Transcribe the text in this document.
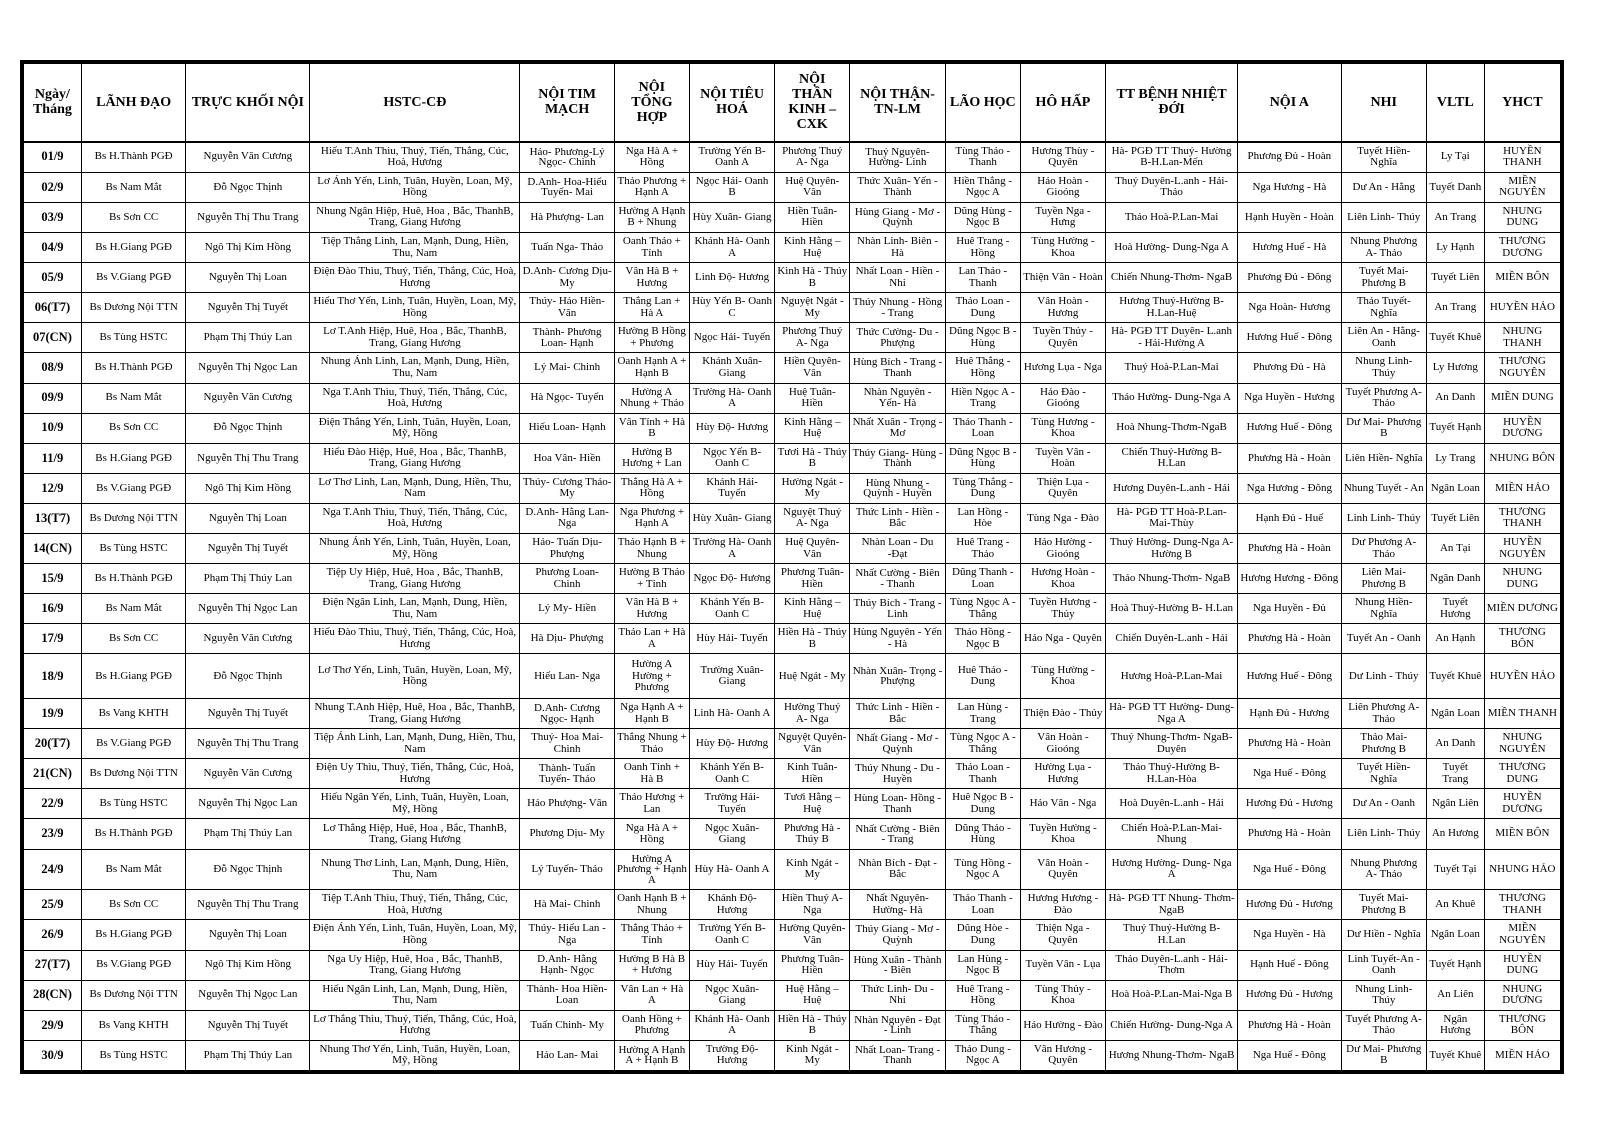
Ngày/ Tháng	LÃNH ĐẠO	TRỰC KHỐI NỘI	HSTC-CĐ	NỘI TIM MẠCH	NỘI TỔNG HỢP	NỘI TIÊU HOÁ	NỘI THẦN KINH – CXK	NỘI THẬN- TN-LM	LÃO HỌC	HÔ HẤP	TT BỆNH NHIỆT ĐỚI	NỘI A	NHI	VLTL	YHCT
01/9	Bs H.Thành PGĐ	Nguyễn Văn Cương	Hiếu T.Anh Thìu, Thuý, Tiến, Thắng, Cúc, Hoà, Hương	Hảo- Phương-Lý Ngọc- Chinh	Nga Hà A + Hồng	Trường Yến B- Oanh A	Phương Thuý A- Nga	Thuý Nguyên- Hường- Linh	Tùng Thảo - Thanh	Hương Thùy - Quyên	Hà- PGĐ TT Thuý- Hường B-H.Lan-Mến	Phương Đủ - Hoàn	Tuyết Hiền- Nghĩa	Ly Tại	HUYỀN THANH
02/9	Bs Nam Mắt	Đỗ Ngọc Thịnh	Lơ Ánh Yến, Linh, Tuân, Huyền, Loan, Mỹ, Hồng	D.Anh- Hoa-Hiếu Tuyến- Mai	Thảo Phương + Hạnh A	Ngọc Hải- Oanh B	Huệ Quyên- Vân	Thức Xuân- Yến - Thành	Hiền Thắng - Ngọc A	Hảo Hoàn - Gioóng	Thuý Duyên-L.anh - Hải- Thảo	Nga Hương - Hà	Dư An - Hằng	Tuyết Danh	MIỀN NGUYÊN
03/9	Bs Sơn CC	Nguyễn Thị Thu Trang	Nhung Ngân Hiệp, Huê, Hoa , Bắc, ThanhB, Trang, Giang Hương	Hà Phượng- Lan	Hường A Hạnh B + Nhung	Hùy Xuân- Giang	Hiền Tuân- Hiền	Hùng Giang - Mơ - Quỳnh	Dũng Hùng - Ngọc B	Tuyền Nga - Hưng	Thảo Hoà-P.Lan-Mai	Hạnh Huyền - Hoàn	Liên Linh- Thúy	An Trang	NHUNG DUNG
04/9	Bs H.Giang PGĐ	Ngô Thị Kim Hồng	Tiệp Thắng Linh, Lan, Mạnh, Dung, Hiền, Thu, Nam	Tuấn Nga- Thảo	Oanh Thảo + Tỉnh	Khánh Hà- Oanh A	Kinh Hằng – Huệ	Nhàn Linh- Biên -Hà	Huê Trang - Hồng	Tùng Hường - Khoa	Hoà Hường- Dung-Nga A	Hương Huế - Hà	Nhung Phương A- Thảo	Ly Hạnh	THƯƠNG DƯƠNG
05/9	Bs V.Giang PGĐ	Nguyễn Thị Loan	Điện Đào Thìu, Thuý, Tiến, Thắng, Cúc, Hoà, Hương	D.Anh- Cương Dịu- My	Vân Hà B + Hương	Linh Độ- Hương	Kinh Hà - Thúy B	Nhất Loan - Hiền - Nhi	Lan Thảo - Thanh	Thiện Vân - Hoàn	Chiến Nhung-Thơm- NgaB	Phương Đủ - Đông	Tuyết Mai- Phương B	Tuyết Liên	MIỀN BÔN
06(T7)	Bs Dương Nội TTN	Nguyễn Thị Tuyết	Hiếu Thơ Yến, Linh, Tuân, Huyền, Loan, Mỹ, Hồng	Thúy- Hảo Hiền- Vân	Thắng Lan + Hà A	Hùy Yến B- Oanh C	Nguyệt Ngát - My	Thúy Nhung - Hồng - Trang	Thảo Loan - Dung	Vân Hoàn - Hương	Hương Thuý-Hường B- H.Lan-Huệ	Nga Hoàn- Hương	Thảo Tuyết- Nghĩa	An Trang	HUYỀN HẢO
07(CN)	Bs Tùng HSTC	Phạm Thị Thúy Lan	Lơ T.Anh Hiệp, Huê, Hoa , Bắc, ThanhB, Trang, Giang Hương	Thành- Phương Loan- Hạnh	Hường B Hồng + Phương	Ngọc Hải- Tuyến	Phương Thuý A- Nga	Thức Cường- Du - Phượng	Dũng Ngọc B - Hùng	Tuyền Thủy - Quyên	Hà- PGĐ TT Duyên- L.anh - Hải-Hường A	Hương Huế - Đông	Liên An - Hằng-Oanh	Tuyết Khuê	NHUNG THANH
08/9	Bs H.Thành PGĐ	Nguyễn Thị Ngọc Lan	Nhung Ánh Linh, Lan, Mạnh, Dung, Hiền, Thu, Nam	Lý Mai- Chinh	Oanh Hạnh A + Hạnh B	Khánh Xuân- Giang	Hiền Quyên- Vân	Hùng Bích - Trang -Thanh	Huê Thắng - Hồng	Hương Lụa - Nga	Thuý Hoà-P.Lan-Mai	Phương Đủ - Hà	Nhung Linh- Thúy	Ly Hương	THƯƠNG NGUYÊN
09/9	Bs Nam Mắt	Nguyễn Văn Cương	Nga T.Anh Thìu, Thuý, Tiến, Thắng, Cúc, Hoà, Hương	Hà Ngọc- Tuyến	Hường A Nhung + Thảo	Trường Hà- Oanh A	Huệ Tuân- Hiền	Nhàn Nguyên - Yến- Hà	Hiền Ngọc A - Trang	Hảo Đào - Gioóng	Thảo Hường- Dung-Nga A	Nga Huyền - Hương	Tuyết Phương A- Thảo	An Danh	MIỀN DUNG
10/9	Bs Sơn CC	Đỗ Ngọc Thịnh	Điện Thắng Yến, Linh, Tuân, Huyền, Loan, Mỹ, Hồng	Hiếu Loan- Hạnh	Vân Tỉnh + Hà B	Hùy Độ- Hương	Kinh Hằng – Huệ	Nhất Xuân - Trọng - Mơ	Thảo Thanh - Loan	Tùng Hương - Khoa	Hoà Nhung-Thơm-NgaB	Hương Huế - Đông	Dư Mai- Phương B	Tuyết Hạnh	HUYỀN DƯƠNG
11/9	Bs H.Giang PGĐ	Nguyễn Thị Thu Trang	Hiếu Đào Hiệp, Huê, Hoa , Bắc, ThanhB, Trang, Giang Hương	Hoa Vân- Hiền	Hường B Hương + Lan	Ngọc Yến B- Oanh C	Tươi Hà - Thúy B	Thúy Giang- Hùng -Thành	Dũng Ngọc B - Hùng	Tuyền Vân - Hoàn	Chiến Thuý-Hường B- H.Lan	Phương Hà - Hoàn	Liên Hiền- Nghĩa	Ly Trang	NHUNG BÔN
12/9	Bs V.Giang PGĐ	Ngô Thị Kim Hồng	Lơ Thơ Linh, Lan, Mạnh, Dung, Hiền, Thu, Nam	Thúy- Cương Thảo- My	Thắng Hà A + Hồng	Khánh Hải- Tuyến	Hường Ngát - My	Hùng Nhung - Quỳnh - Huyền	Tùng Thắng - Dung	Thiện Lụa - Quyên	Hương Duyên-L.anh - Hải	Nga Hương - Đông	Nhung Tuyết - An	Ngân Loan	MIỀN HẢO
13(T7)	Bs Dương Nội TTN	Nguyễn Thị Loan	Nga T.Anh Thìu, Thuý, Tiến, Thắng, Cúc, Hoà, Hương	D.Anh- Hằng Lan- Nga	Nga Phương + Hạnh A	Hùy Xuân- Giang	Nguyệt Thuý A- Nga	Thức Linh - Hiền -Bắc	Lan Hồng - Hòe	Tùng Nga - Đào	Hà- PGĐ TT Hoà-P.Lan- Mai-Thùy	Hạnh Đủ - Huế	Linh Linh- Thúy	Tuyết Liên	THƯƠNG THANH
14(CN)	Bs Tùng HSTC	Nguyễn Thị Tuyết	Nhung Ánh Yến, Linh, Tuân, Huyền, Loan, Mỹ, Hồng	Hảo- Tuấn Dịu- Phượng	Thảo Hạnh B + Nhung	Trường Hà- Oanh A	Huệ Quyên- Vân	Nhàn Loan - Du -Đạt	Huê Trang - Thảo	Hảo Hường - Gioóng	Thuý Hường- Dung-Nga A-Hường B	Phương Hà - Hoàn	Dư Phương A- Thảo	An Tại	HUYỀN NGUYÊN
15/9	Bs H.Thành PGĐ	Phạm Thị Thúy Lan	Tiệp Uy Hiệp, Huê, Hoa , Bắc, ThanhB, Trang, Giang Hương	Phương Loan- Chinh	Hường B Thảo + Tỉnh	Ngọc Độ- Hương	Phương Tuân- Hiền	Nhất Cường - Biên - Thanh	Dũng Thanh - Loan	Hương Hoàn - Khoa	Thảo Nhung-Thơm- NgaB	Hương Hương - Đông	Liên Mai- Phương B	Ngân Danh	NHUNG DUNG
16/9	Bs Nam Mắt	Nguyễn Thị Ngọc Lan	Điện Ngân Linh, Lan, Mạnh, Dung, Hiền, Thu, Nam	Lý My- Hiền	Vân Hà B + Hương	Khánh Yến B- Oanh C	Kinh Hằng – Huệ	Thúy Bích - Trang - Linh	Tùng Ngọc A - Thắng	Tuyền Hương - Thủy	Hoà Thuý-Hường B- H.Lan	Nga Huyền - Đủ	Nhung Hiền- Nghĩa	Tuyết Hương	MIỀN DƯƠNG
17/9	Bs Sơn CC	Nguyễn Văn Cương	Hiếu Đào Thìu, Thuý, Tiến, Thắng, Cúc, Hoà, Hương	Hà Dịu- Phượng	Thảo Lan + Hà A	Hùy Hải- Tuyến	Hiền Hà - Thúy B	Hùng Nguyên - Yến - Hà	Thảo Hồng - Ngọc B	Hảo Nga - Quyên	Chiến Duyên-L.anh - Hải	Phương Hà - Hoàn	Tuyết An - Oanh	An Hạnh	THƯƠNG BÔN
18/9	Bs H.Giang PGĐ	Đỗ Ngọc Thịnh	Lơ Thơ Yến, Linh, Tuân, Huyền, Loan, Mỹ, Hồng	Hiếu Lan- Nga	Hường A Hường + Phương	Trường Xuân- Giang	Huệ Ngát - My	Nhàn Xuân- Trọng - Phượng	Huê Thảo - Dung	Tùng Hường - Khoa	Hương Hoà-P.Lan-Mai	Hương Huế - Đông	Dư Linh - Thúy	Tuyết Khuê	HUYỀN HẢO
19/9	Bs Vang KHTH	Nguyễn Thị Tuyết	Nhung T.Anh Hiệp, Huê, Hoa , Bắc, ThanhB, Trang, Giang Hương	D.Anh- Cương Ngọc- Hạnh	Nga Hạnh A + Hạnh B	Linh Hà- Oanh A	Hường Thuý A- Nga	Thức Linh - Hiền -Bắc	Lan Hùng - Trang	Thiện Đào - Thủy	Hà- PGĐ TT Hường- Dung-Nga A	Hạnh Đủ - Hương	Liên Phương A- Thảo	Ngân Loan	MIỀN THANH
20(T7)	Bs V.Giang PGĐ	Nguyễn Thị Thu Trang	Tiệp Ánh Linh, Lan, Mạnh, Dung, Hiền, Thu, Nam	Thuý- Hoa Mai- Chinh	Thắng Nhung + Thảo	Hùy Độ- Hương	Nguyệt Quyên- Vân	Nhất Giang - Mơ - Quỳnh	Tùng Ngọc A - Thắng	Vân Hoàn - Gioóng	Thuý Nhung-Thơm- NgaB-Duyên	Phương Hà - Hoàn	Thảo Mai- Phương B	An Danh	NHUNG NGUYÊN
21(CN)	Bs Dương Nội TTN	Nguyễn Văn Cương	Điện Uy Thìu, Thuý, Tiến, Thắng, Cúc, Hoà, Hương	Thành- Tuấn Tuyến- Thảo	Oanh Tỉnh + Hà B	Khánh Yến B- Oanh C	Kinh Tuân- Hiền	Thúy Nhung - Du - Huyền	Thảo Loan - Thanh	Hường Lụa - Hương	Thảo Thuý-Hường B- H.Lan-Hòa	Nga Huế - Đông	Tuyết Hiền- Nghĩa	Tuyết Trang	THƯƠNG DUNG
22/9	Bs Tùng HSTC	Nguyễn Thị Ngọc Lan	Hiếu Ngân Yến, Linh, Tuân, Huyền, Loan, Mỹ, Hồng	Hảo Phượng- Vân	Thảo Hương + Lan	Trường Hải- Tuyến	Tươi Hằng – Huệ	Hùng Loan- Hồng - Thanh	Huê Ngọc B - Dung	Hảo Vân - Nga	Hoà Duyên-L.anh - Hải	Hương Đủ - Hương	Dư An - Oanh	Ngân Liên	HUYỀN DƯƠNG
23/9	Bs H.Thành PGĐ	Phạm Thị Thúy Lan	Lơ Thắng Hiệp, Huê, Hoa , Bắc, ThanhB, Trang, Giang Hương	Phương Dịu- My	Nga Hà A + Hồng	Ngọc Xuân- Giang	Phương Hà - Thúy B	Nhất Cường - Biên - Trang	Dũng Thảo - Hùng	Tuyền Hường - Khoa	Chiến Hoà-P.Lan-Mai- Nhung	Phương Hà - Hoàn	Liên Linh- Thúy	An Hương	MIỀN BÔN
24/9	Bs Nam Mắt	Đỗ Ngọc Thịnh	Nhung Thơ Linh, Lan, Mạnh, Dung, Hiền, Thu, Nam	Lý Tuyến- Thảo	Hường A Phương + Hạnh A	Hùy Hà- Oanh A	Kinh Ngát - My	Nhàn Bích - Đạt -Bắc	Tùng Hồng - Ngọc A	Vân Hoàn - Quyên	Hương Hường- Dung- Nga A	Nga Huế - Đông	Nhung Phương A- Thảo	Tuyết Tại	NHUNG HẢO
25/9	Bs Sơn CC	Nguyễn Thị Thu Trang	Tiệp T.Anh Thìu, Thuý, Tiến, Thắng, Cúc, Hoà, Hương	Hà Mai- Chinh	Oanh Hạnh B + Nhung	Khánh Độ- Hương	Hiền Thuý A- Nga	Nhất Nguyên- Hường- Hà	Thảo Thanh - Loan	Hương Hương - Đào	Hà- PGĐ TT Nhung- Thơm-NgaB	Hương Đủ - Hương	Tuyết Mai- Phương B	An Khuê	THƯƠNG THANH
26/9	Bs H.Giang PGĐ	Nguyễn Thị Loan	Điện Ánh Yến, Linh, Tuân, Huyền, Loan, Mỹ, Hồng	Thúy- Hiếu Lan - Nga	Thắng Thảo + Tỉnh	Trường Yến B- Oanh C	Hường Quyên- Vân	Thúy Giang - Mơ - Quỳnh	Dũng Hòe - Dung	Thiện Nga - Quyên	Thuý Thuý-Hường B- H.Lan	Nga Huyền - Hà	Dư Hiền - Nghĩa	Ngân Loan	MIỀN NGUYÊN
27(T7)	Bs V.Giang PGĐ	Ngô Thị Kim Hồng	Nga Uy Hiệp, Huê, Hoa , Bắc, ThanhB, Trang, Giang Hương	D.Anh- Hằng Hạnh- Ngọc	Hường B Hà B + Hương	Hùy Hải- Tuyến	Phương Tuân- Hiền	Hùng Xuân - Thành - Biên	Lan Hùng - Ngọc B	Tuyền Vân - Lụa	Thảo Duyên-L.anh - Hải- Thơm	Hạnh Huế - Đông	Linh Tuyết-An - Oanh	Tuyết Hạnh	HUYỀN DUNG
28(CN)	Bs Dương Nội TTN	Nguyễn Thị Ngọc Lan	Hiếu Ngân Linh, Lan, Mạnh, Dung, Hiền, Thu, Nam	Thành- Hoa Hiền- Loan	Vân Lan + Hà A	Ngọc Xuân- Giang	Huệ Hằng – Huệ	Thức Linh- Du - Nhi	Huê Trang - Hồng	Tùng Thủy - Khoa	Hoà Hoà-P.Lan-Mai-Nga B	Hương Đủ - Hương	Nhung Linh- Thúy	An Liên	NHUNG DƯƠNG
29/9	Bs Vang KHTH	Nguyễn Thị Tuyết	Lơ Thắng Thìu, Thuý, Tiến, Thắng, Cúc, Hoà, Hương	Tuấn Chinh- My	Oanh Hồng + Phương	Khánh Hà- Oanh A	Hiền Hà - Thúy B	Nhàn Nguyên - Đạt - Linh	Tùng Thảo - Thắng	Hảo Hường - Đào	Chiến Hường- Dung-Nga A	Phương Hà - Hoàn	Tuyết Phương A- Thảo	Ngân Hương	THƯƠNG BÔN
30/9	Bs Tùng HSTC	Phạm Thị Thúy Lan	Nhung Thơ Yến, Linh, Tuân, Huyền, Loan, Mỹ, Hồng	Hảo Lan- Mai	Hường A Hạnh A + Hạnh B	Trường Độ- Hương	Kinh Ngát - My	Nhất Loan- Trang - Thanh	Thảo Dung - Ngọc A	Vân Hương - Quyên	Hương Nhung-Thơm- NgaB	Nga Huế - Đông	Dư Mai- Phương B	Tuyết Khuê	MIỀN HẢO
